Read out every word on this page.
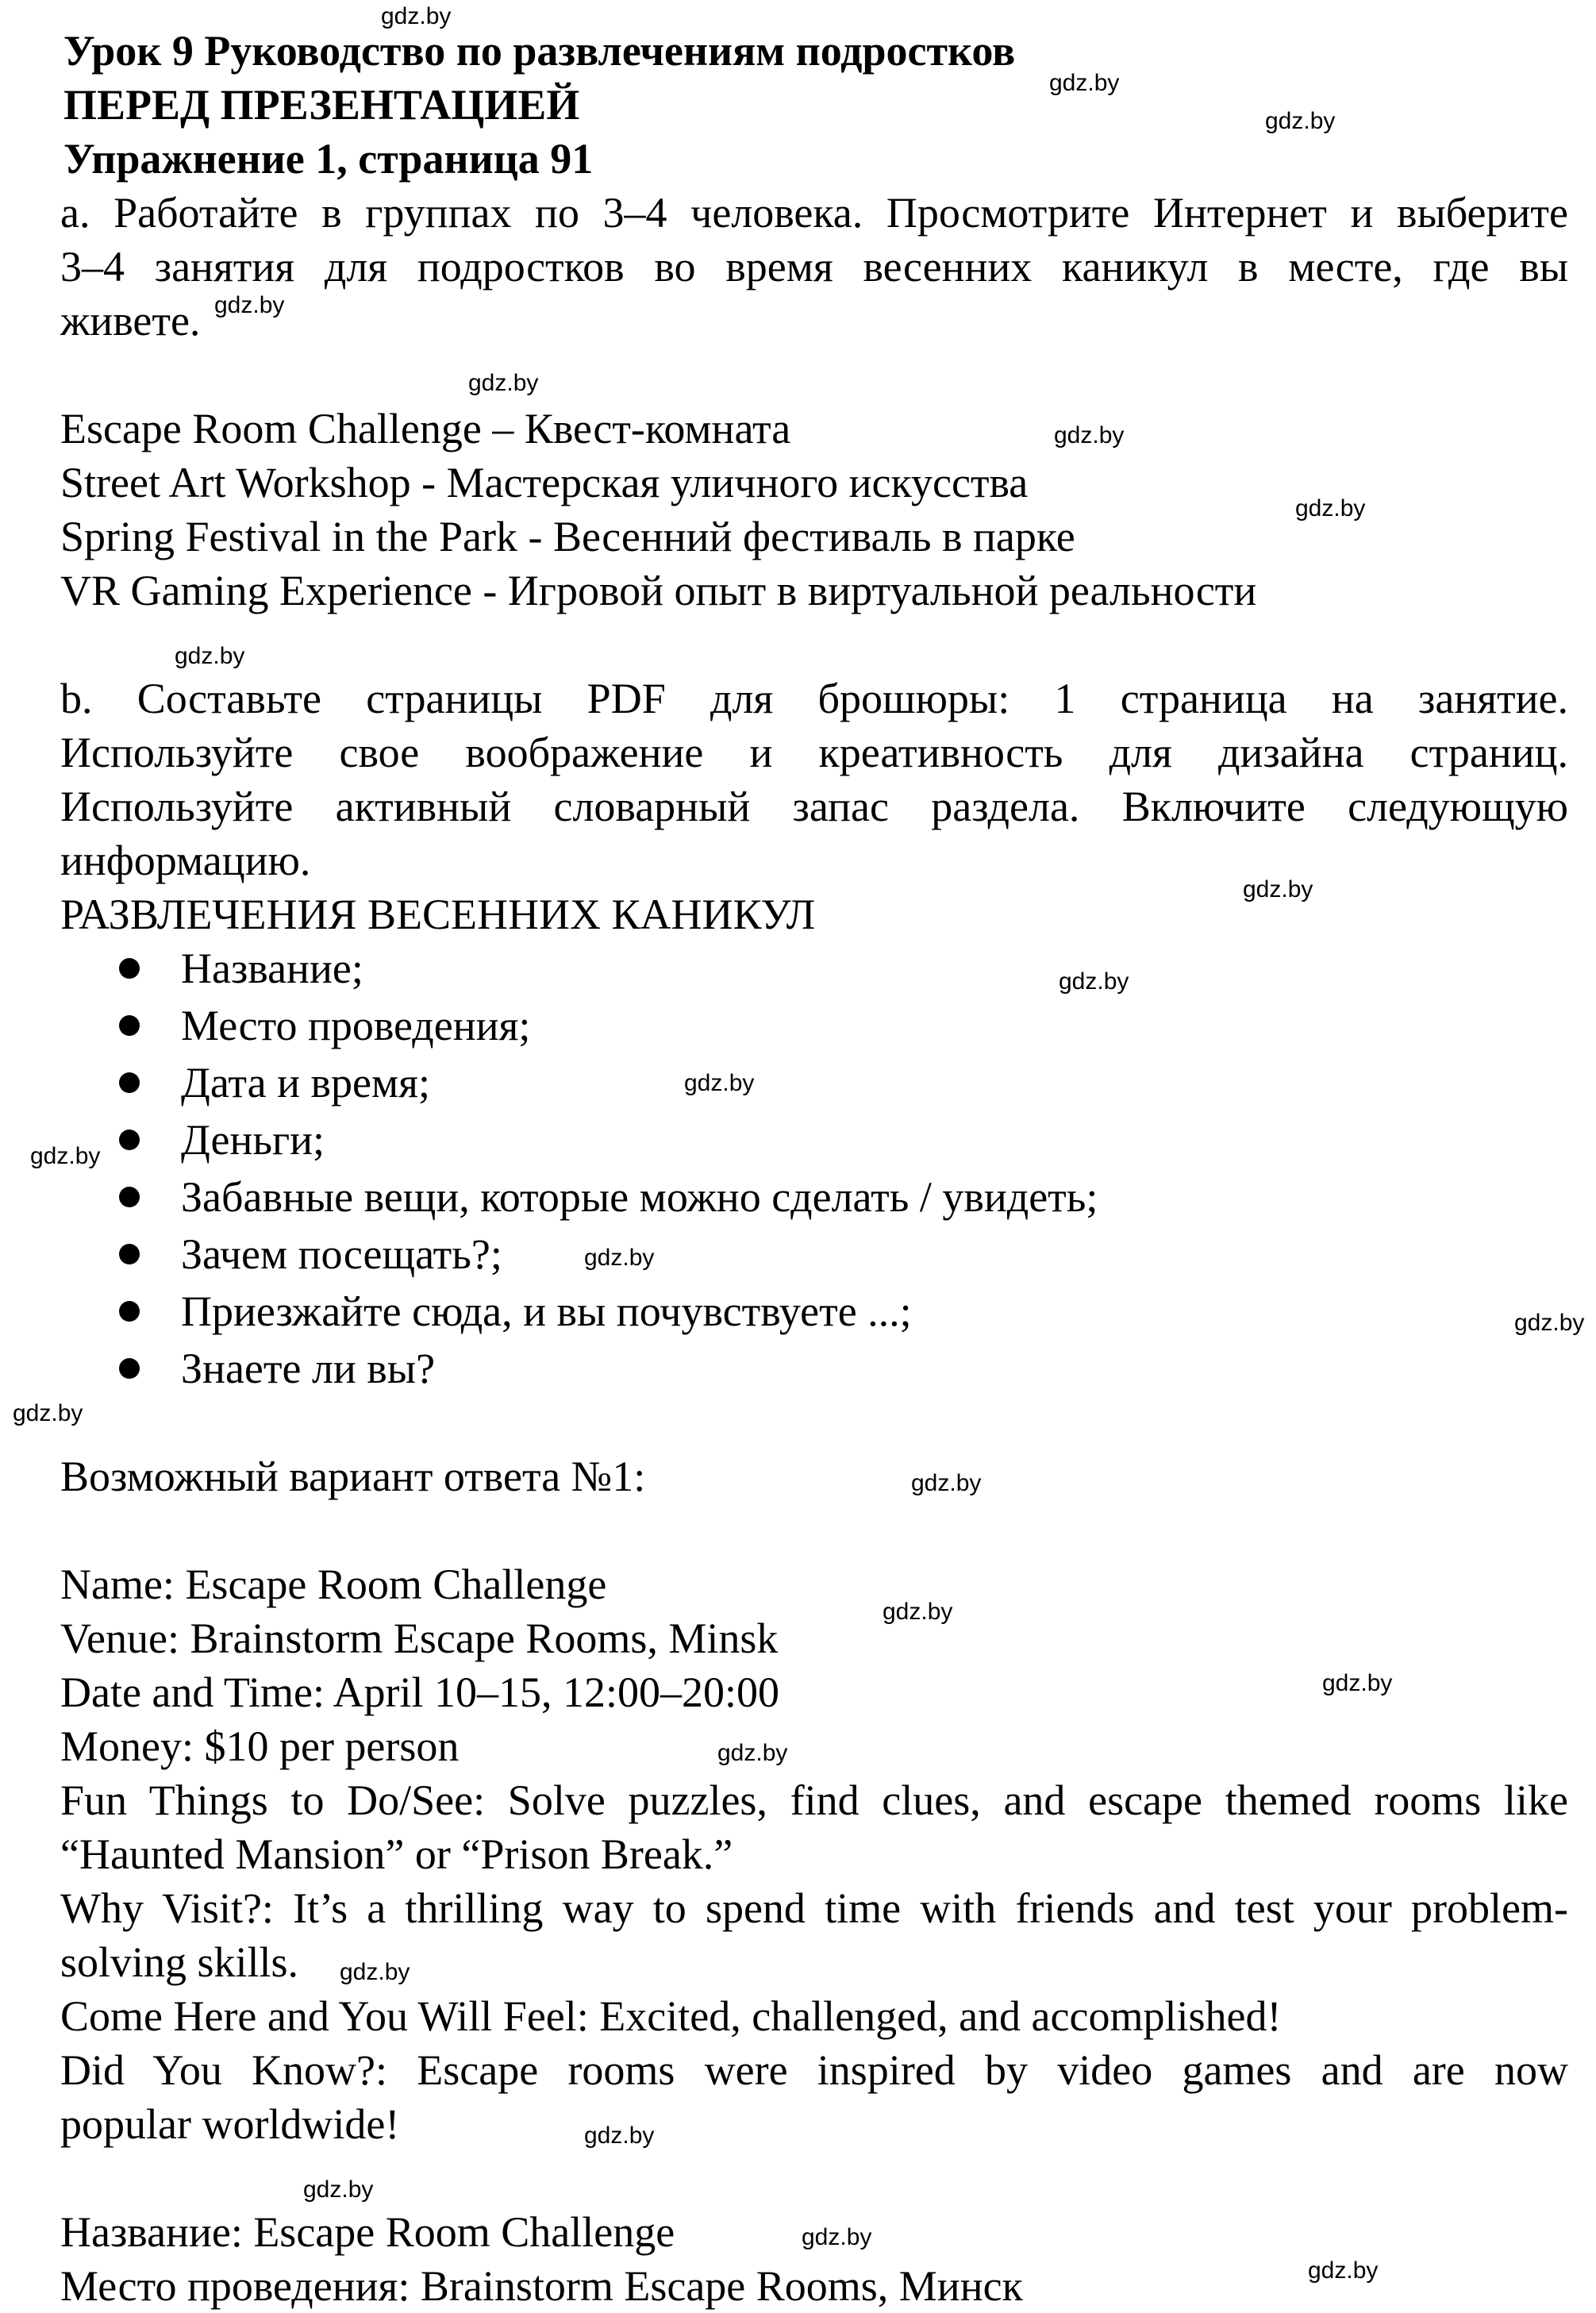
Урок 9 Руководство по развлечениям подростков
ПЕРЕД ПРЕЗЕНТАЦИЕЙ
Упражнение 1, страница 91
a. Работайте в группах по 3–4 человека. Просмотрите Интернет и выберите
3–4 занятия для подростков во время весенних каникул в месте, где вы
живете.
Escape Room Challenge – Квест-комната
Street Art Workshop - Мастерская уличного искусства
Spring Festival in the Park - Весенний фестиваль в парке
VR Gaming Experience - Игровой опыт в виртуальной реальности
b. Составьте страницы PDF для брошюры: 1 страница на занятие.
Используйте свое воображение и креативность для дизайна страниц.
Используйте активный словарный запас раздела. Включите следующую
информацию.
РАЗВЛЕЧЕНИЯ ВЕСЕННИХ КАНИКУЛ
Название;
Место проведения;
Дата и время;
Деньги;
Забавные вещи, которые можно сделать / увидеть;
Зачем посещать?;
Приезжайте сюда, и вы почувствуете ...;
Знаете ли вы?
Возможный вариант ответа №1:
Name: Escape Room Challenge
Venue: Brainstorm Escape Rooms, Minsk
Date and Time: April 10–15, 12:00–20:00
Money: $10 per person
Fun Things to Do/See: Solve puzzles, find clues, and escape themed rooms like
“Haunted Mansion” or “Prison Break.”
Why Visit?: It’s a thrilling way to spend time with friends and test your problem-
solving skills.
Come Here and You Will Feel: Excited, challenged, and accomplished!
Did You Know?: Escape rooms were inspired by video games and are now
popular worldwide!
Название: Escape Room Challenge
Место проведения: Brainstorm Escape Rooms, Минск
gdz.by
gdz.by
gdz.by
gdz.by
gdz.by
gdz.by
gdz.by
gdz.by
gdz.by
gdz.by
gdz.by
gdz.by
gdz.by
gdz.by
gdz.by
gdz.by
gdz.by
gdz.by
gdz.by
gdz.by
gdz.by
gdz.by
gdz.by
gdz.by
